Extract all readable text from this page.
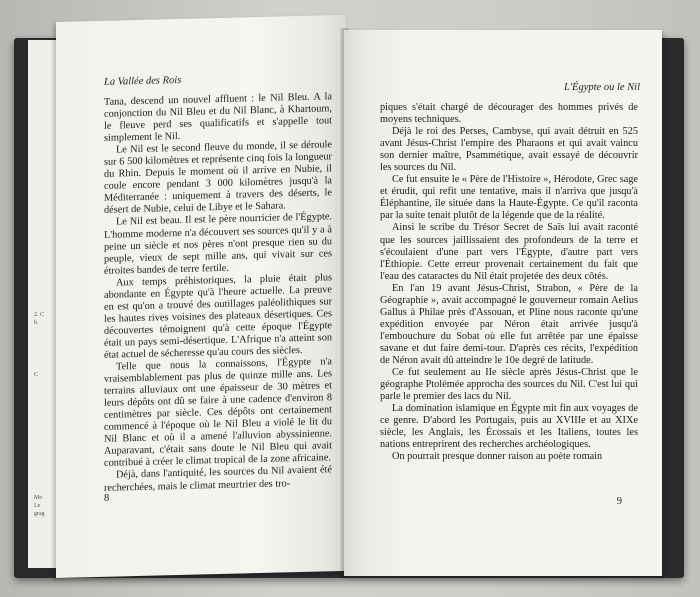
2. C
b.
C
Mo
Le
grag
La Vallée des Rois

Tana, descend un nouvel affluent : le Nil Bleu. A la conjonction du Nil Bleu et du Nil Blanc, à Khartoum, le fleuve perd ses qualificatifs et s'appelle tout simplement le Nil.

Le Nil est le second fleuve du monde, il se déroule sur 6 500 kilomètres et représente cinq fois la longueur du Rhin. Depuis le moment où il arrive en Nubie, il coule encore pendant 3 000 kilomètres jusqu'à la Méditerranée : uniquement à travers des déserts, le désert de Nubie, celui de Libye et le Sahara.

Le Nil est beau. Il est le père nourricier de l'Égypte. L'homme moderne n'a découvert ses sources qu'il y a à peine un siècle et nos pères n'ont presque rien su du peuple, vieux de sept mille ans, qui vivait sur ces étroites bandes de terre fertile.

Aux temps préhistoriques, la pluie était plus abondante en Égypte qu'à l'heure actuelle. La preuve en est qu'on a trouvé des outillages paléolithiques sur les hautes rives voisines des plateaux désertiques. Ces découvertes témoignent qu'à cette époque l'Égypte était un pays semi-désertique. L'Afrique n'a atteint son état actuel de sécheresse qu'au cours des siècles.

Telle que nous la connaissons, l'Égypte n'a vraisemblablement pas plus de quinze mille ans. Les terrains alluviaux ont une épaisseur de 30 mètres et leurs dépôts ont dû se faire à une cadence d'environ 8 centimètres par siècle. Ces dépôts ont certainement commencé à l'époque où le Nil Bleu a violé le lit du Nil Blanc et où il a amené l'alluvion abyssinienne. Auparavant, c'était sans doute le Nil Bleu qui avait contribué à créer le climat tropical de la zone africaine.

Déjà, dans l'antiquité, les sources du Nil avaient été recherchées, mais le climat meurtrier des tro-

8
L'Égypte ou le Nil

piques s'était chargé de décourager des hommes privés de moyens techniques.

Déjà le roi des Perses, Cambyse, qui avait détruit en 525 avant Jésus-Christ l'empire des Pharaons et qui avait vaincu son dernier maître, Psammétique, avait essayé de découvrir les sources du Nil.

Ce fut ensuite le « Père de l'Histoire », Hérodote, Grec sage et érudit, qui refit une tentative, mais il n'arriva que jusqu'à Éléphantine, île située dans la Haute-Égypte. Ce qu'il raconta par la suite tenait plutôt de la légende que de la réalité.

Ainsi le scribe du Trésor Secret de Saïs lui avait raconté que les sources jaillissaient des profondeurs de la terre et s'écoulaient d'une part vers l'Égypte, d'autre part vers l'Éthiopie. Cette erreur provenait certainement du fait que l'eau des cataractes du Nil était projetée des deux côtés.

En l'an 19 avant Jésus-Christ, Strabon, « Père de la Géographie », avait accompagné le gouverneur romain Aelius Gallus à Philae près d'Assouan, et Pline nous raconte qu'une expédition envoyée par Néron était arrivée jusqu'à l'embouchure du Sobat où elle fut arrêtée par une épaisse savane et dut faire demi-tour. D'après ces récits, l'expédition de Néron avait dû atteindre le 10e degré de latitude.

Ce fut seulement au IIe siècle après Jésus-Christ que le géographe Ptolémée approcha des sources du Nil. C'est lui qui parle le premier des lacs du Nil.

La domination islamique en Égypte mit fin aux voyages de ce genre. D'abord les Portugais, puis au XVIIIe et au XIXe siècle, les Anglais, les Écossais et les Italiens, toutes les nations entreprirent des recherches archéologiques.

On pourrait presque donner raison au poète romain

9
